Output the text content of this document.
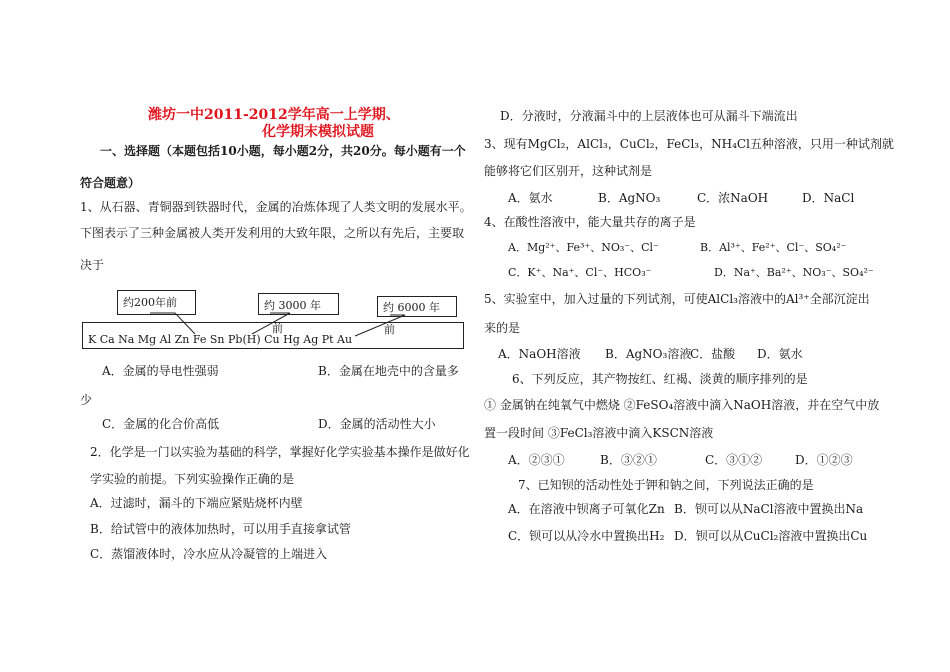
潍坊一中2011-2012学年高一上学期、
化学期末模拟试题
一、选择题（本题包括10小题，每小题2分，共20分。每小题有一个
符合题意）
1、从石器、青铜器到铁器时代，金属的冶炼体现了人类文明的发展水平。
下图表示了三种金属被人类开发利用的大致年限，之所以有先后，主要取
决于
K Ca Na Mg Al Zn Fe Sn Pb(H) Cu Hg Ag Pt Au
约200年前	约 3000 年
前
约 6000 年
前
A．金属的导电性强弱	B．金属在地壳中的含量多
少
C．金属的化合价高低	D．金属的活动性大小
2．化学是一门以实验为基础的科学，掌握好化学实验基本操作是做好化
学实验的前提。下列实验操作正确的是
A．过滤时，漏斗的下端应紧贴烧杯内壁
B．给试管中的液体加热时，可以用手直接拿试管
C．蒸馏液体时，冷水应从冷凝管的上端进入
D．分液时，分液漏斗中的上层液体也可从漏斗下端流出
3、现有MgCl₂，AlCl₃，CuCl₂，FeCl₃，NH₄Cl五种溶液，只用一种试剂就
能够将它们区别开，这种试剂是
A．氨水	B．AgNO₃	C．浓NaOH	D．NaCl
4、在酸性溶液中，能大量共存的离子是
A．Mg²⁺、Fe³⁺、NO₃⁻、Cl⁻	B．Al³⁺、Fe²⁺、Cl⁻、SO₄²⁻
C．K⁺、Na⁺、Cl⁻、HCO₃⁻	D．Na⁺、Ba²⁺、NO₃⁻、SO₄²⁻
5、实验室中，加入过量的下列试剂，可使AlCl₃溶液中的Al³⁺全部沉淀出
来的是
A．NaOH溶液 B．AgNO₃溶液
C．盐酸 D．氨水
6、下列反应，其产物按红、红褐、淡黄的顺序排列的是
① 金属钠在纯氧气中燃烧 ②FeSO₄溶液中滴入NaOH溶液，并在空气中放
置一段时间 ③FeCl₃溶液中滴入KSCN溶液
A．②③①	B．③②①	C．③①②	D．①②③
7、已知钡的活动性处于钾和钠之间，下列说法正确的是
A．在溶液中钡离子可氧化Zn B．钡可以从NaCl溶液中置换出Na
C．钡可以从冷水中置换出H₂ D．钡可以从CuCl₂溶液中置换出Cu
